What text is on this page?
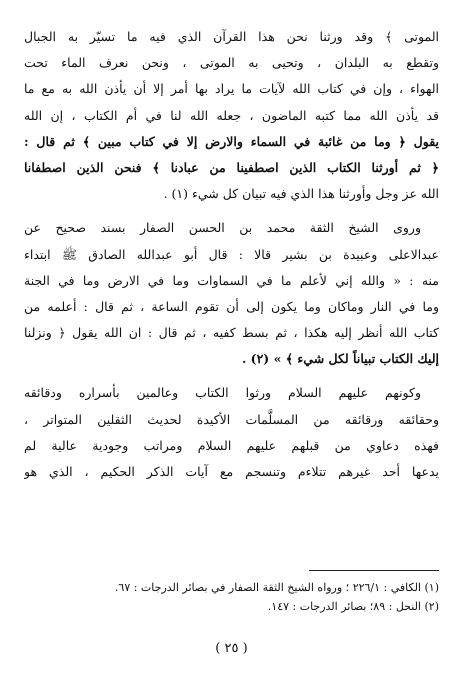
الموتى ﴾ وقد ورثنا نحن هذا القرآن الذي فيه ما تسيّر به الجبال
وتقطع به البلدان ، وتحيى به الموتى ، ونحن نعرف الماء تحت
الهواء ، وإن في كتاب الله لآيات ما يراد بها أمر إلا أن يأذن الله به مع ما
قد يأذن الله مما كتبه الماضون ، جعله الله لنا في أم الكتاب ، إن الله
يقول ﴿ وما من غائبة في السماء والارض إلا في كتاب مبين ﴾ ثم قال :
﴿ ثم أورثنا الكتاب الذين اصطفينا من عبادنا ﴾ فنحن الذين اصطفانا
الله عز وجل وأورثنا هذا الذي فيه تبيان كل شيء (١) .
وروى الشيخ الثقة محمد بن الحسن الصفار بسند صحيح عن
عبدالاعلى وعبيدة بن بشير قالا : قال أبو عبدالله الصادق ﷺ ابتداء
منه : « والله إني لأعلم ما في السماوات وما في الارض وما في الجنة
وما في النار وماكان وما يكون إلى أن تقوم الساعة ، ثم قال : أعلمه من
كتاب الله أنظر إليه هكذا ، ثم بسط كفيه ، ثم قال : ان الله يقول ﴿ ونزلنا
إليك الكتاب تبياناً لكل شيء ﴾ » (٢) .
وكونهم عليهم السلام ورثوا الكتاب وعالمين بأسراره ودقائقه
وحقائقه ورقائقه من المسلَّمات الأكيدة لحديث الثقلين المتواتر ،
فهذه دعاوي من قبلهم عليهم السلام ومراتب وجودية عالية لم
يدعها أحد غيرهم تتلاءم وتنسجم مع آيات الذكر الحكيم ، الذي هو
(١) الكافي : ٢٢٦/١ ؛ ورواه الشيخ الثقة الصفار في بصائر الدرجات : ٦٧.
(٢) النحل : ٨٩؛ بصائر الدرجات : ١٤٧.
( ٢٥ )
